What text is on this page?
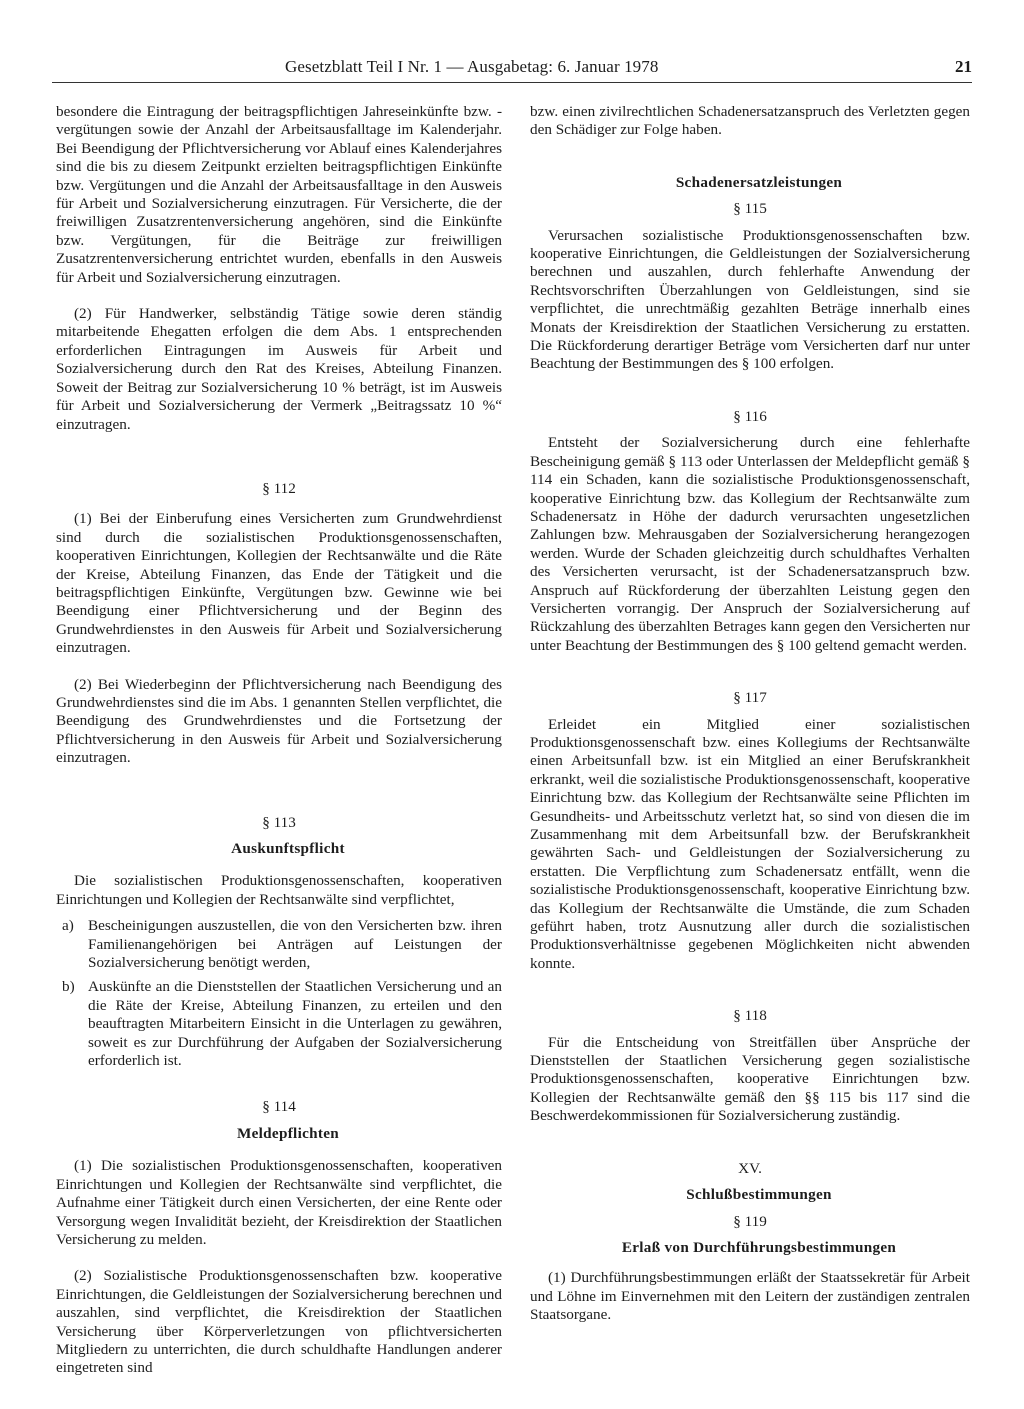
Gesetzblatt Teil I Nr. 1 — Ausgabetag: 6. Januar 1978	21

besondere die Eintragung der beitragspflichtigen Jahreseinkünfte bzw. -vergütungen sowie der Anzahl der Arbeitsausfalltage im Kalenderjahr. Bei Beendigung der Pflichtversicherung vor Ablauf eines Kalenderjahres sind die bis zu diesem Zeitpunkt erzielten beitragspflichtigen Einkünfte bzw. Vergütungen und die Anzahl der Arbeitsausfalltage in den Ausweis für Arbeit und Sozialversicherung einzutragen. Für Versicherte, die der freiwilligen Zusatzrentenversicherung angehören, sind die Einkünfte bzw. Vergütungen, für die Beiträge zur freiwilligen Zusatzrentenversicherung entrichtet wurden, ebenfalls in den Ausweis für Arbeit und Sozialversicherung einzutragen.

(2) Für Handwerker, selbständig Tätige sowie deren ständig mitarbeitende Ehegatten erfolgen die dem Abs. 1 entsprechenden erforderlichen Eintragungen im Ausweis für Arbeit und Sozialversicherung durch den Rat des Kreises, Abteilung Finanzen. Soweit der Beitrag zur Sozialversicherung 10 % beträgt, ist im Ausweis für Arbeit und Sozialversicherung der Vermerk „Beitragssatz 10 %“ einzutragen.

§ 112

(1) Bei der Einberufung eines Versicherten zum Grundwehrdienst sind durch die sozialistischen Produktionsgenossenschaften, kooperativen Einrichtungen, Kollegien der Rechtsanwälte und die Räte der Kreise, Abteilung Finanzen, das Ende der Tätigkeit und die beitragspflichtigen Einkünfte, Vergütungen bzw. Gewinne wie bei Beendigung einer Pflichtversicherung und der Beginn des Grundwehrdienstes in den Ausweis für Arbeit und Sozialversicherung einzutragen.

(2) Bei Wiederbeginn der Pflichtversicherung nach Beendigung des Grundwehrdienstes sind die im Abs. 1 genannten Stellen verpflichtet, die Beendigung des Grundwehrdienstes und die Fortsetzung der Pflichtversicherung in den Ausweis für Arbeit und Sozialversicherung einzutragen.

§ 113

Auskunftspflicht

Die sozialistischen Produktionsgenossenschaften, kooperativen Einrichtungen und Kollegien der Rechtsanwälte sind verpflichtet,

a) Bescheinigungen auszustellen, die von den Versicherten bzw. ihren Familienangehörigen bei Anträgen auf Leistungen der Sozialversicherung benötigt werden,
b) Auskünfte an die Dienststellen der Staatlichen Versicherung und an die Räte der Kreise, Abteilung Finanzen, zu erteilen und den beauftragten Mitarbeitern Einsicht in die Unterlagen zu gewähren, soweit es zur Durchführung der Aufgaben der Sozialversicherung erforderlich ist.

§ 114

Meldepflichten

(1) Die sozialistischen Produktionsgenossenschaften, kooperativen Einrichtungen und Kollegien der Rechtsanwälte sind verpflichtet, die Aufnahme einer Tätigkeit durch einen Versicherten, der eine Rente oder Versorgung wegen Invalidität bezieht, der Kreisdirektion der Staatlichen Versicherung zu melden.

(2) Sozialistische Produktionsgenossenschaften bzw. kooperative Einrichtungen, die Geldleistungen der Sozialversicherung berechnen und auszahlen, sind verpflichtet, die Kreisdirektion der Staatlichen Versicherung über Körperverletzungen von pflichtversicherten Mitgliedern zu unterrichten, die durch schuldhafte Handlungen anderer eingetreten sind

bzw. einen zivilrechtlichen Schadenersatzanspruch des Verletzten gegen den Schädiger zur Folge haben.

Schadenersatzleistungen

§ 115

Verursachen sozialistische Produktionsgenossenschaften bzw. kooperative Einrichtungen, die Geldleistungen der Sozialversicherung berechnen und auszahlen, durch fehlerhafte Anwendung der Rechtsvorschriften Überzahlungen von Geldleistungen, sind sie verpflichtet, die unrechtmäßig gezahlten Beträge innerhalb eines Monats der Kreisdirektion der Staatlichen Versicherung zu erstatten. Die Rückforderung derartiger Beträge vom Versicherten darf nur unter Beachtung der Bestimmungen des § 100 erfolgen.

§ 116

Entsteht der Sozialversicherung durch eine fehlerhafte Bescheinigung gemäß § 113 oder Unterlassen der Meldepflicht gemäß § 114 ein Schaden, kann die sozialistische Produktionsgenossenschaft, kooperative Einrichtung bzw. das Kollegium der Rechtsanwälte zum Schadenersatz in Höhe der dadurch verursachten ungesetzlichen Zahlungen bzw. Mehrausgaben der Sozialversicherung herangezogen werden. Wurde der Schaden gleichzeitig durch schuldhaftes Verhalten des Versicherten verursacht, ist der Schadenersatzanspruch bzw. Anspruch auf Rückforderung der überzahlten Leistung gegen den Versicherten vorrangig. Der Anspruch der Sozialversicherung auf Rückzahlung des überzahlten Betrages kann gegen den Versicherten nur unter Beachtung der Bestimmungen des § 100 geltend gemacht werden.

§ 117

Erleidet ein Mitglied einer sozialistischen Produktionsgenossenschaft bzw. eines Kollegiums der Rechtsanwälte einen Arbeitsunfall bzw. ist ein Mitglied an einer Berufskrankheit erkrankt, weil die sozialistische Produktionsgenossenschaft, kooperative Einrichtung bzw. das Kollegium der Rechtsanwälte seine Pflichten im Gesundheits- und Arbeitsschutz verletzt hat, so sind von diesen die im Zusammenhang mit dem Arbeitsunfall bzw. der Berufskrankheit gewährten Sach- und Geldleistungen der Sozialversicherung zu erstatten. Die Verpflichtung zum Schadenersatz entfällt, wenn die sozialistische Produktionsgenossenschaft, kooperative Einrichtung bzw. das Kollegium der Rechtsanwälte die Umstände, die zum Schaden geführt haben, trotz Ausnutzung aller durch die sozialistischen Produktionsverhältnisse gegebenen Möglichkeiten nicht abwenden konnte.

§ 118

Für die Entscheidung von Streitfällen über Ansprüche der Dienststellen der Staatlichen Versicherung gegen sozialistische Produktionsgenossenschaften, kooperative Einrichtungen bzw. Kollegien der Rechtsanwälte gemäß den §§ 115 bis 117 sind die Beschwerdekommissionen für Sozialversicherung zuständig.

XV.

Schlußbestimmungen

§ 119

Erlaß von Durchführungsbestimmungen

(1) Durchführungsbestimmungen erläßt der Staatssekretär für Arbeit und Löhne im Einvernehmen mit den Leitern der zuständigen zentralen Staatsorgane.
